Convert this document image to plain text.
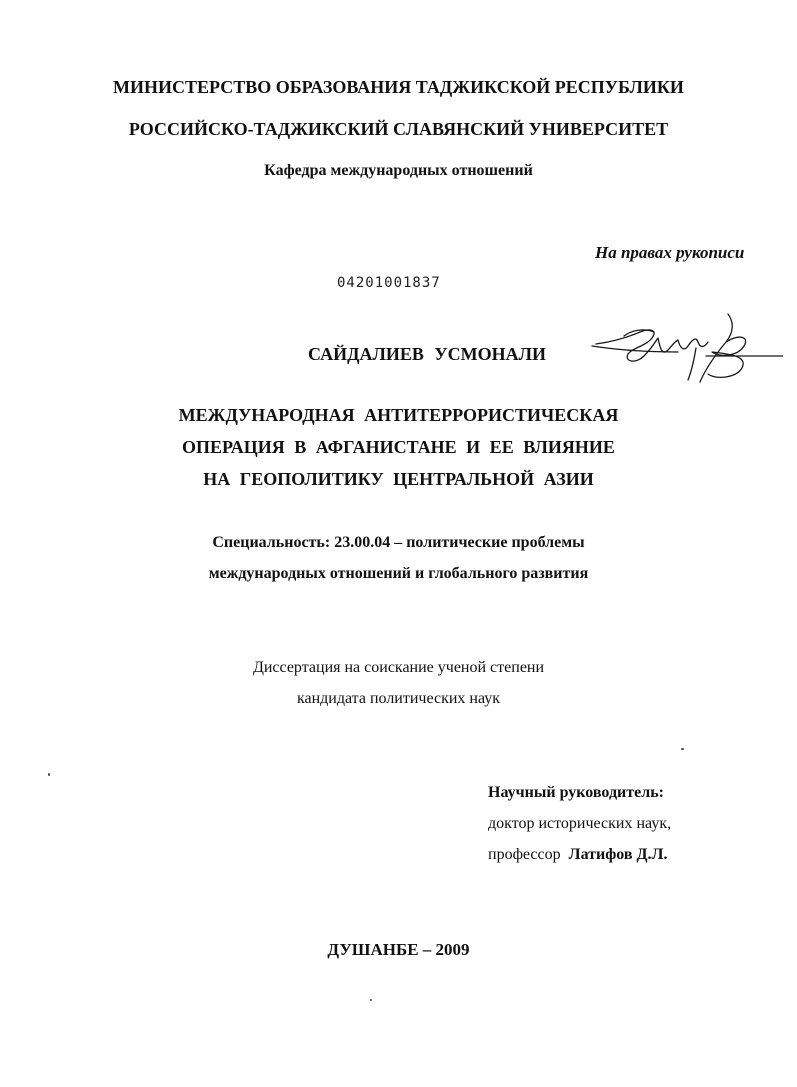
МИНИСТЕРСТВО ОБРАЗОВАНИЯ ТАДЖИКСКОЙ РЕСПУБЛИКИ
РОССИЙСКО-ТАДЖИКСКИЙ СЛАВЯНСКИЙ УНИВЕРСИТЕТ
Кафедра международных отношений
На правах рукописи
04201001837
САЙДАЛИЕВ УСМОНАЛИ
МЕЖДУНАРОДНАЯ АНТИТЕРРОРИСТИЧЕСКАЯ
ОПЕРАЦИЯ В АФГАНИСТАНЕ И ЕЕ ВЛИЯНИЕ
НА ГЕОПОЛИТИКУ ЦЕНТРАЛЬНОЙ АЗИИ
Специальность: 23.00.04 – политические проблемы
международных отношений и глобального развития
Диссертация на соискание ученой степени
кандидата политических наук
Научный руководитель:
доктор исторических наук,
профессор Латифов Д.Л.
ДУШАНБЕ – 2009
